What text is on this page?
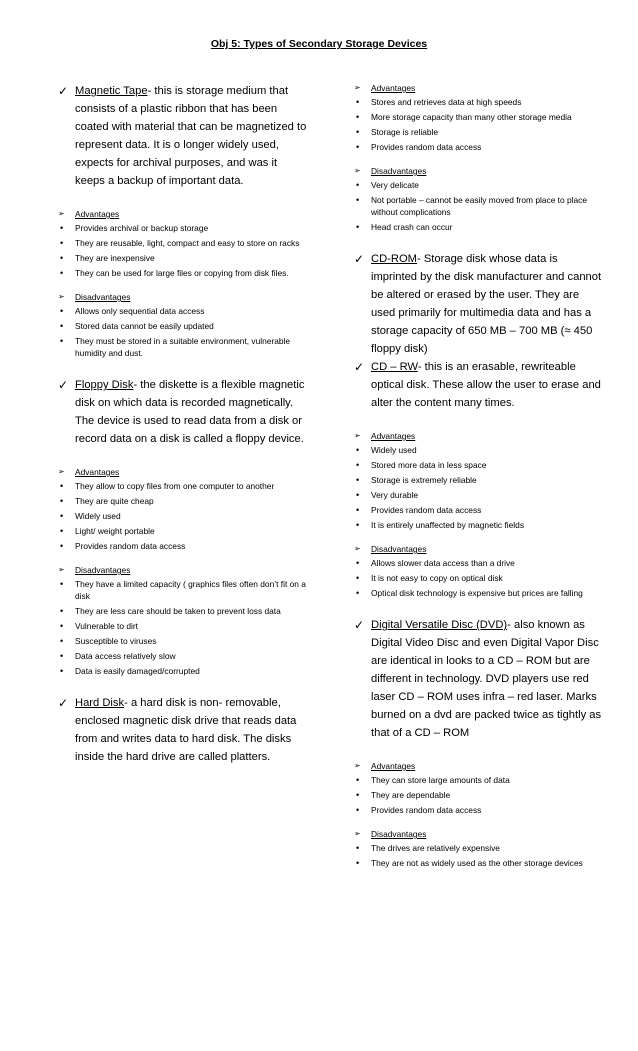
Obj 5: Types of Secondary Storage Devices
✓ Magnetic Tape- this is storage medium that consists of a plastic ribbon that has been coated with material that can be magnetized to represent data. It is o longer widely used, expects for archival purposes, and was it keeps a backup of important data.
➢ Advantages
• Provides archival or backup storage
• They are reusable, light, compact and easy to store on racks
• They are inexpensive
• They can be used for large files or copying from disk files.
➢ Disadvantages
• Allows only sequential data access
• Stored data cannot be easily updated
• They must be stored in a suitable environment, vulnerable humidity and dust.
✓ Floppy Disk- the diskette is a flexible magnetic disk on which data is recorded magnetically. The device is used to read data from a disk or record data on a disk is called a floppy device.
➢ Advantages
• They allow to copy files from one computer to another
• They are quite cheap
• Widely used
• Light/ weight portable
• Provides random data access
➢ Disadvantages
• They have a limited capacity ( graphics files often don’t fit on a disk
• They are less care should be taken to prevent loss data
• Vulnerable to dirt
• Susceptible to viruses
• Data access relatively slow
• Data is easily damaged/corrupted
✓ Hard Disk- a hard disk is non- removable, enclosed magnetic disk drive that reads data from and writes data to hard disk. The disks inside the hard drive are called platters.
➢ Advantages
• Stores and retrieves data at high speeds
• More storage capacity than many other storage media
• Storage is reliable
• Provides random data access
➢ Disadvantages
• Very delicate
• Not portable – cannot be easily moved from place to place without complications
• Head crash can occur
✓ CD-ROM- Storage disk whose data is imprinted by the disk manufacturer and cannot be altered or erased by the user. They are used primarily for multimedia data and has a storage capacity of 650 MB – 700 MB (≈ 450 floppy disk)
✓ CD – RW- this is an erasable, rewriteable optical disk. These allow the user to erase and alter the content many times.
➢ Advantages
• Widely used
• Stored more data in less space
• Storage is extremely reliable
• Very durable
• Provides random data access
• It is entirely unaffected by magnetic fields
➢ Disadvantages
• Allows slower data access than a drive
• It is not easy to copy on optical disk
• Optical disk technology is expensive but prices are falling
✓ Digital Versatile Disc (DVD)- also known as Digital Video Disc and even Digital Vapor Disc are identical in looks to a CD – ROM but are different in technology. DVD players use red laser CD – ROM uses infra – red laser. Marks burned on a dvd are packed twice as tightly as that of a CD – ROM
➢ Advantages
• They can store large amounts of data
• They are dependable
• Provides random data access
➢ Disadvantages
• The drives are relatively expensive
• They are not as widely used as the other storage devices
